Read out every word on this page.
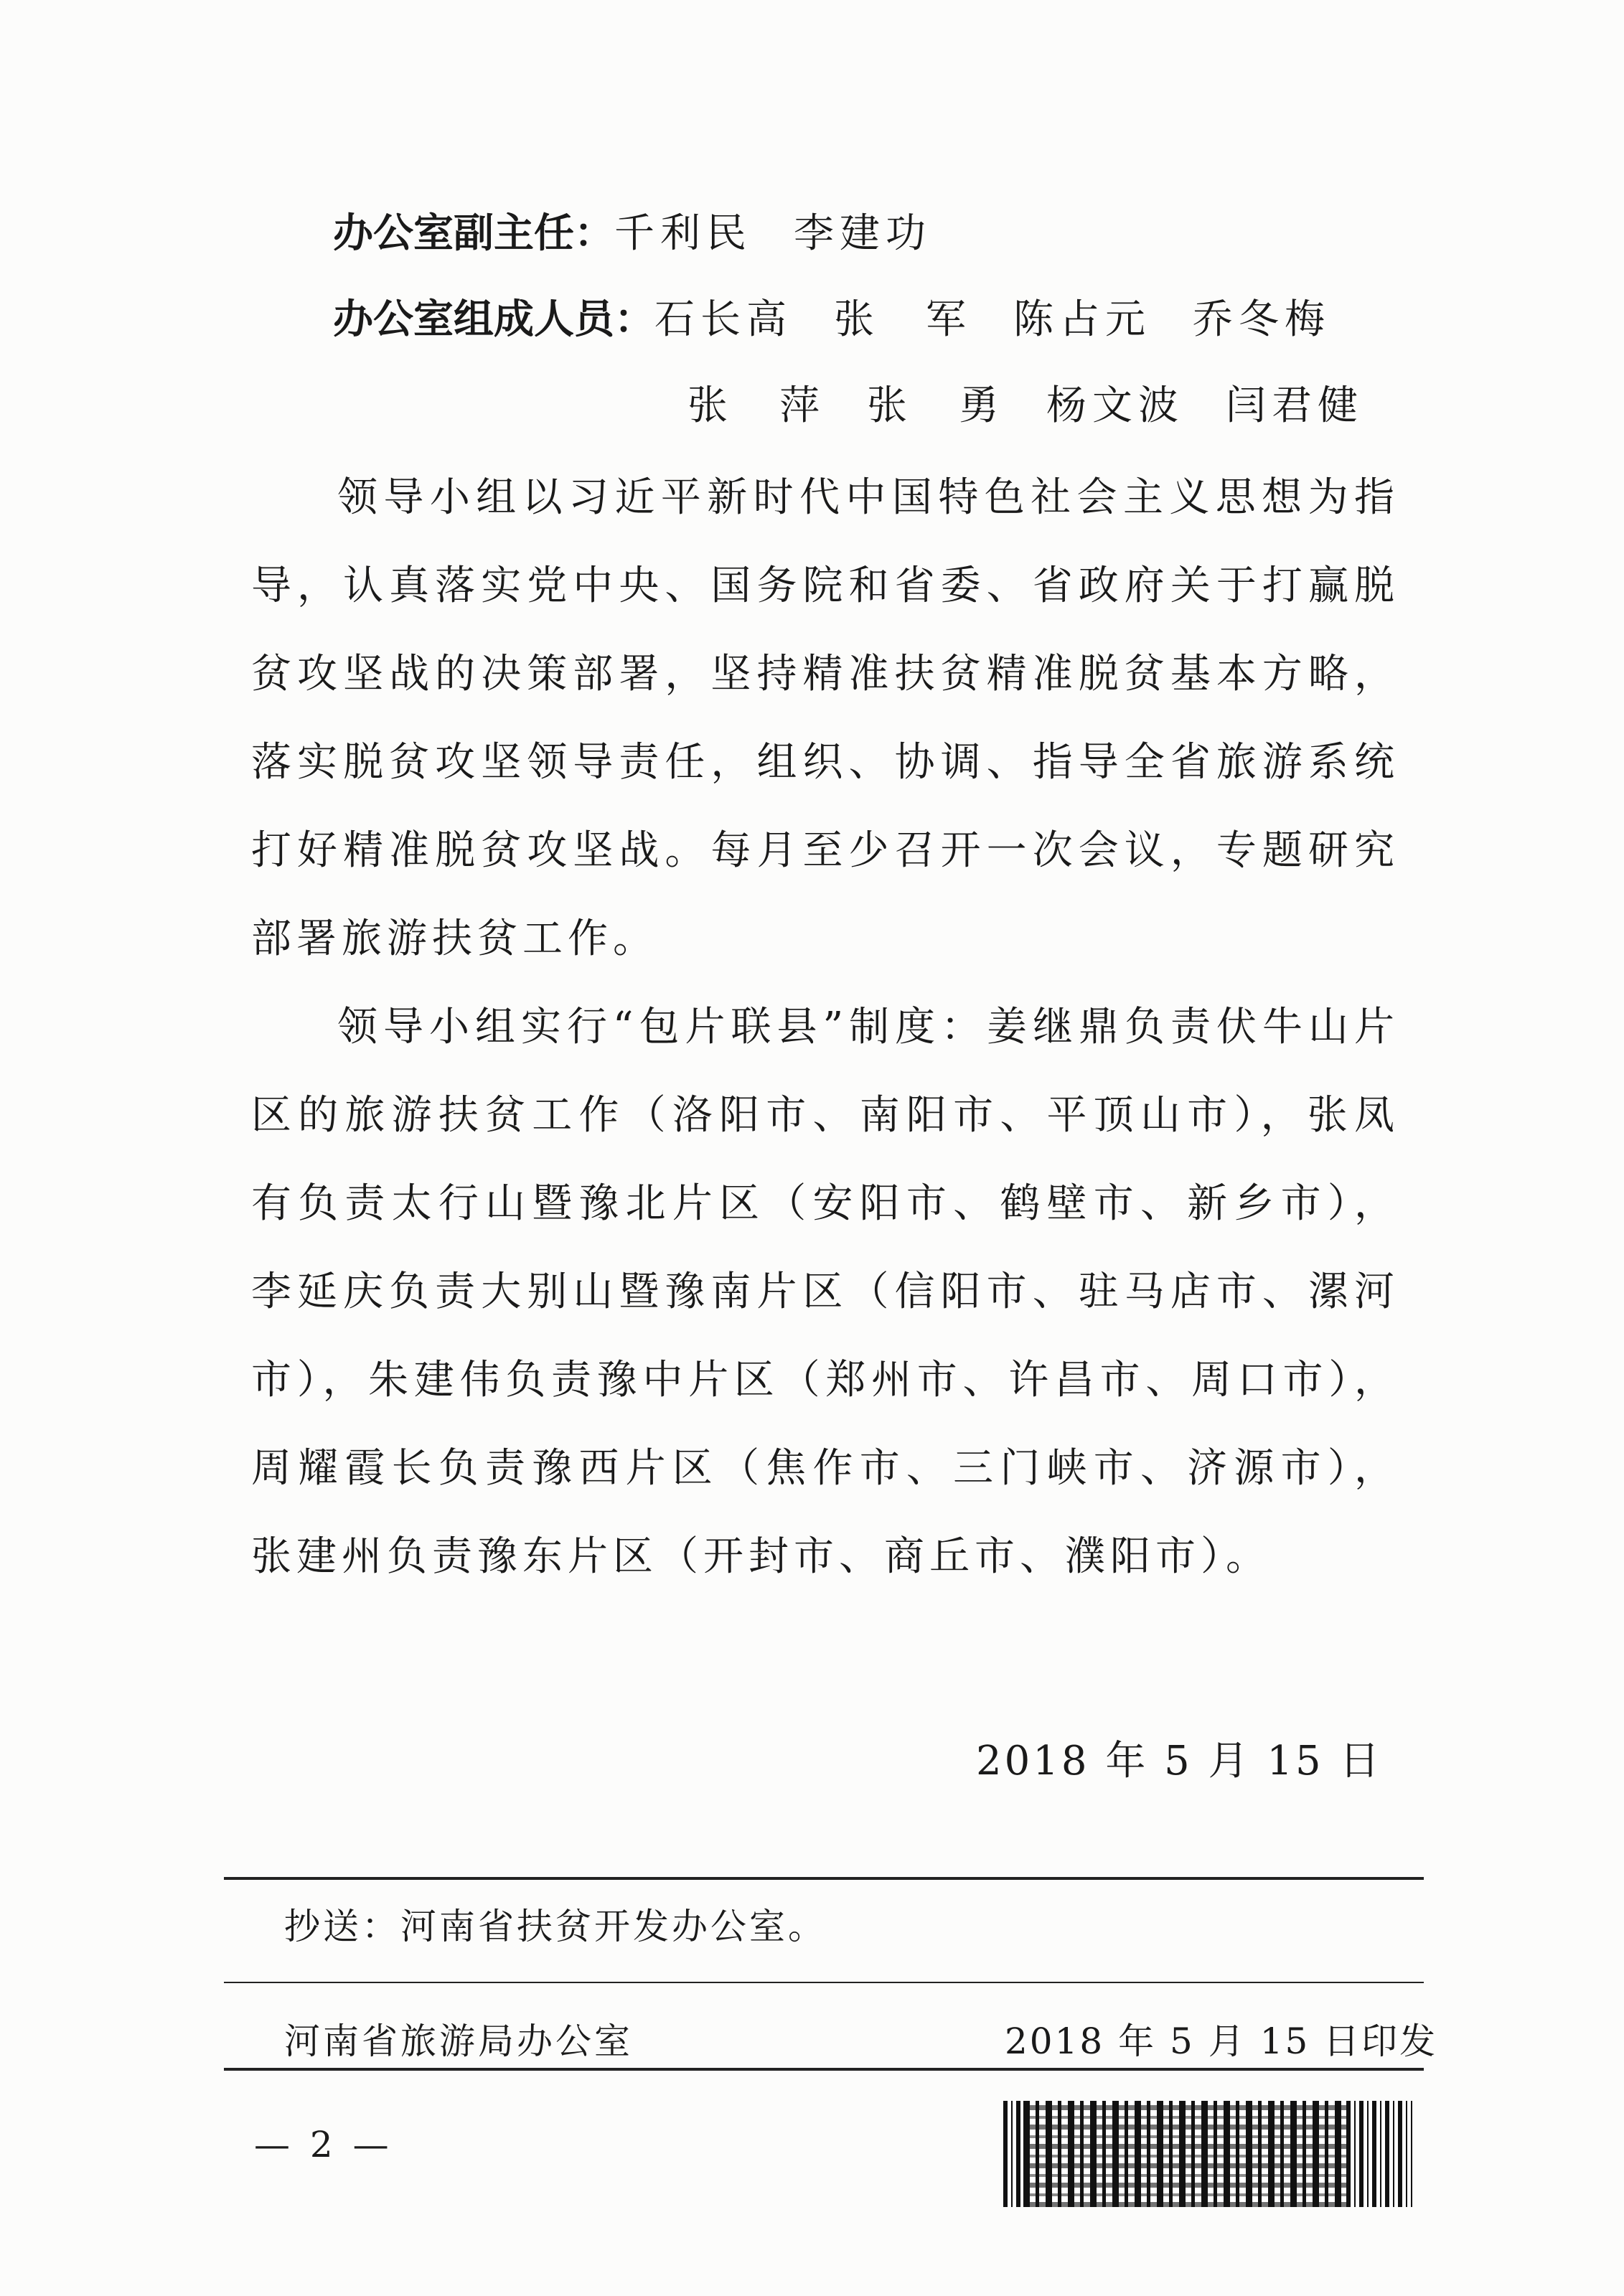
办公室副主任：千利民 李建功
办公室组成人员：石长高 张　军 陈占元 乔冬梅
张　萍 张　勇 杨文波 闫君健

领导小组以习近平新时代中国特色社会主义思想为指导，认真落实党中央、国务院和省委、省政府关于打赢脱贫攻坚战的决策部署，坚持精准扶贫精准脱贫基本方略，落实脱贫攻坚领导责任，组织、协调、指导全省旅游系统打好精准脱贫攻坚战。每月至少召开一次会议，专题研究部署旅游扶贫工作。

领导小组实行“包片联县”制度：姜继鼎负责伏牛山片区的旅游扶贫工作（洛阳市、南阳市、平顶山市），张凤有负责太行山暨豫北片区（安阳市、鹤壁市、新乡市），李延庆负责大别山暨豫南片区（信阳市、驻马店市、漯河市），朱建伟负责豫中片区（郑州市、许昌市、周口市），周耀霞长负责豫西片区（焦作市、三门峡市、济源市），张建州负责豫东片区（开封市、商丘市、濮阳市）。

2018 年 5 月 15 日
抄送：河南省扶贫开发办公室。
河南省旅游局办公室	2018 年 5 月 15 日印发
— 2 —
